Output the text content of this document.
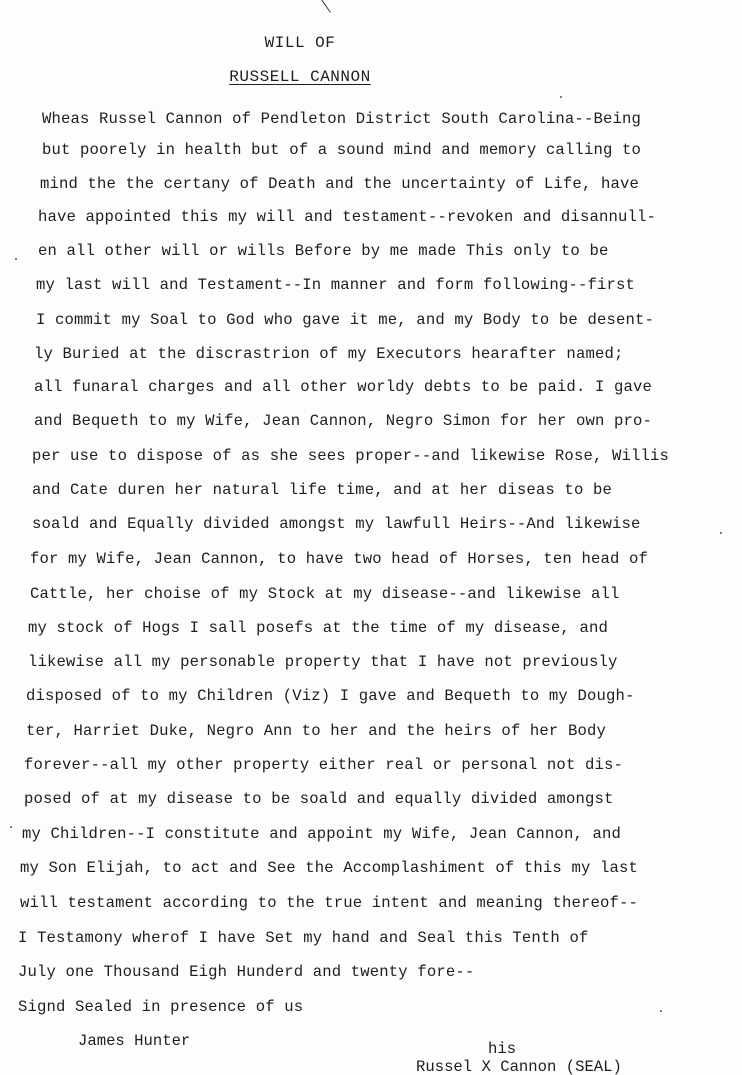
WILL OF
RUSSELL CANNON
Wheas Russel Cannon of Pendleton District South Carolina--Being
but poorely in health but of a sound mind and memory calling to
mind the the certany of Death and the uncertainty of Life, have
have appointed this my will and testament--revoken and disannull-
en all other will or wills Before by me made This only to be
my last will and Testament--In manner and form following--first
I commit my Soal to God who gave it me, and my Body to be desent-
ly Buried at the discrastrion of my Executors hearafter named;
all funaral charges and all other worldy debts to be paid. I gave
and Bequeth to my Wife, Jean Cannon, Negro Simon for her own pro-
per use to dispose of as she sees proper--and likewise Rose, Willis
and Cate duren her natural life time, and at her diseas to be
soald and Equally divided amongst my lawfull Heirs--And likewise
for my Wife, Jean Cannon, to have two head of Horses, ten head of
Cattle, her choise of my Stock at my disease--and likewise all
my stock of Hogs I sall posefs at the time of my disease, and
likewise all my personable property that I have not previously
disposed of to my Children (Viz) I gave and Bequeth to my Dough-
ter, Harriet Duke, Negro Ann to her and the heirs of her Body
forever--all my other property either real or personal not dis-
posed of at my disease to be soald and equally divided amongst
my Children--I constitute and appoint my Wife, Jean Cannon, and
my Son Elijah, to act and See the Accomplashiment of this my last
will testament according to the true intent and meaning thereof--
I Testamony wherof I have Set my hand and Seal this Tenth of
July one Thousand Eigh Hunderd and twenty fore--
Signd Sealed in presence of us
James Hunter	his
Russel X Cannon (SEAL)
